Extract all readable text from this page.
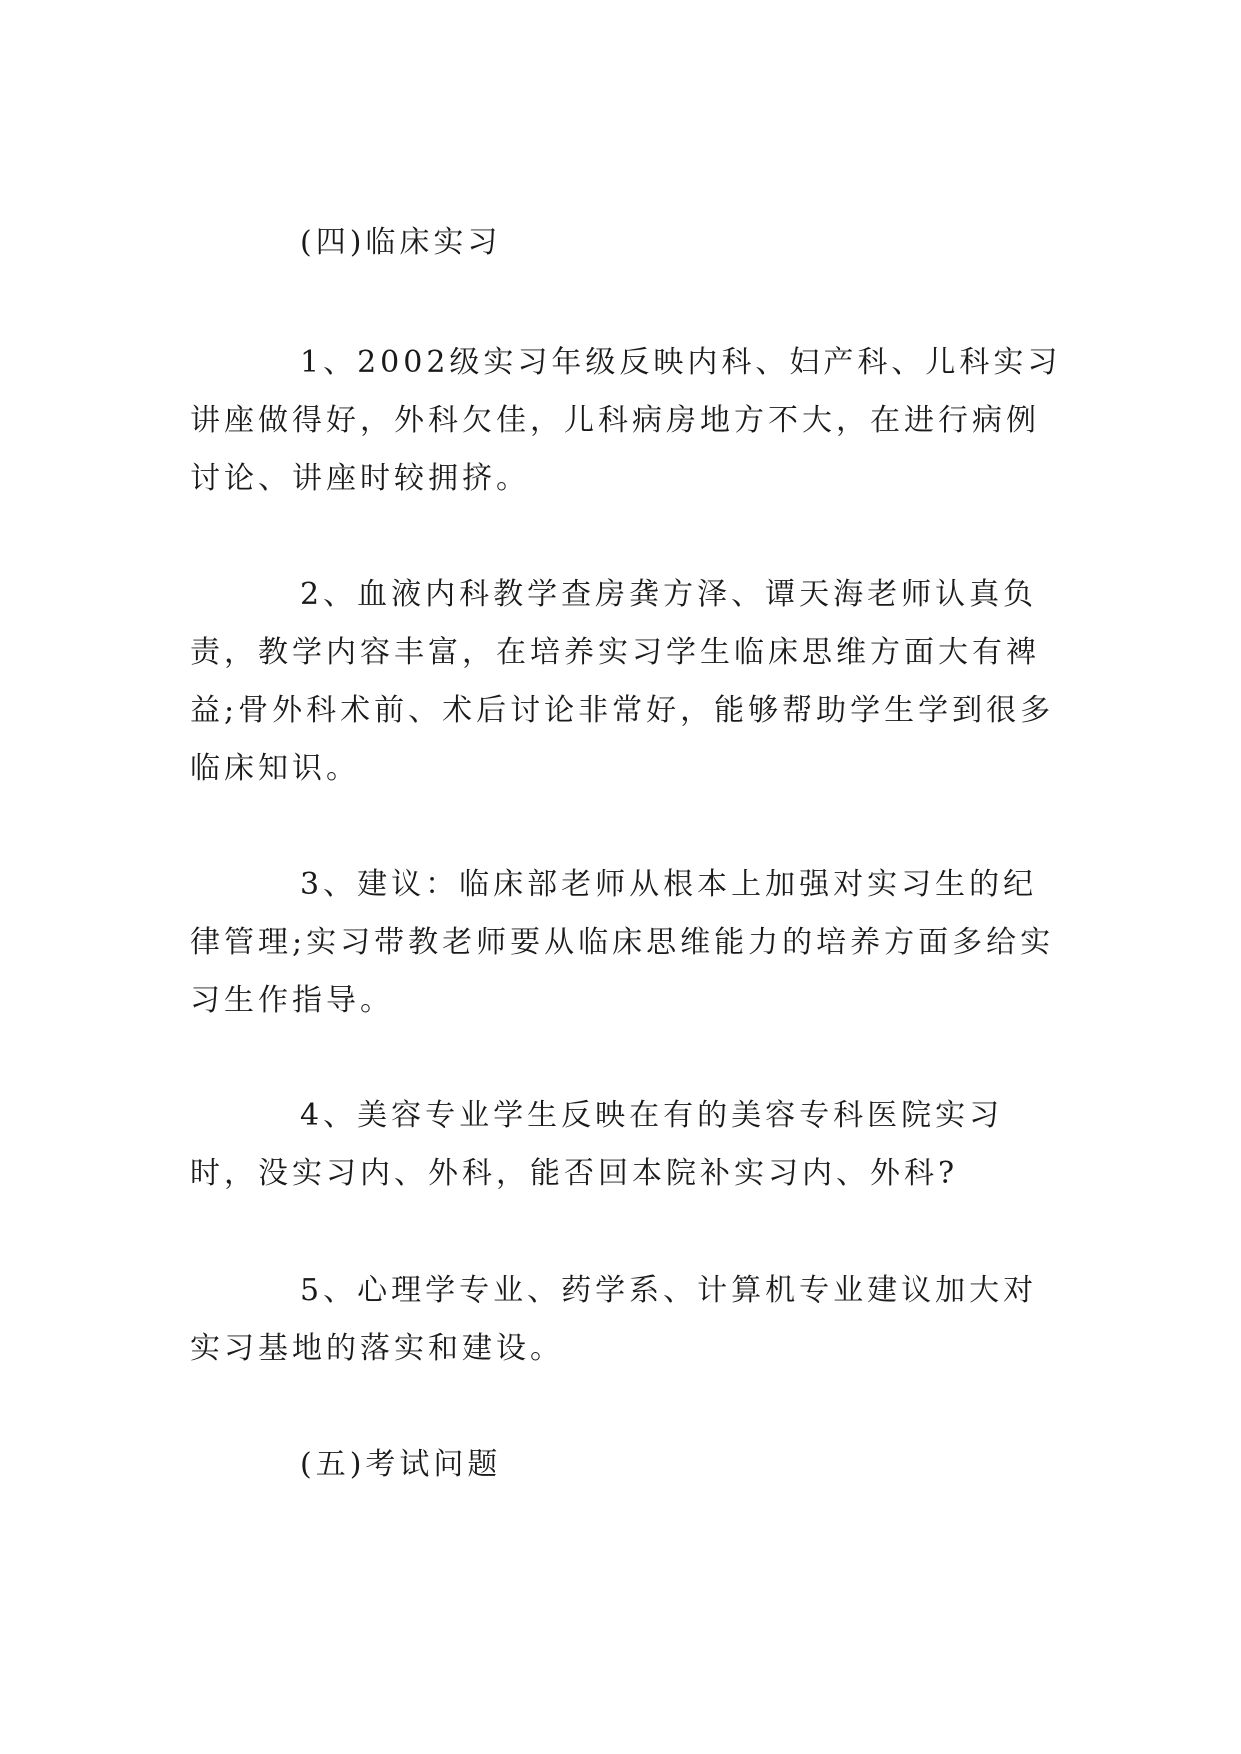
(四)临床实习

1、2002级实习年级反映内科、妇产科、儿科实习讲座做得好，外科欠佳，儿科病房地方不大，在进行病例讨论、讲座时较拥挤。

2、血液内科教学查房龚方泽、谭天海老师认真负责，教学内容丰富，在培养实习学生临床思维方面大有裨益;骨外科术前、术后讨论非常好，能够帮助学生学到很多临床知识。

3、建议：临床部老师从根本上加强对实习生的纪律管理;实习带教老师要从临床思维能力的培养方面多给实习生作指导。

4、美容专业学生反映在有的美容专科医院实习时，没实习内、外科，能否回本院补实习内、外科?

5、心理学专业、药学系、计算机专业建议加大对实习基地的落实和建设。

(五)考试问题
